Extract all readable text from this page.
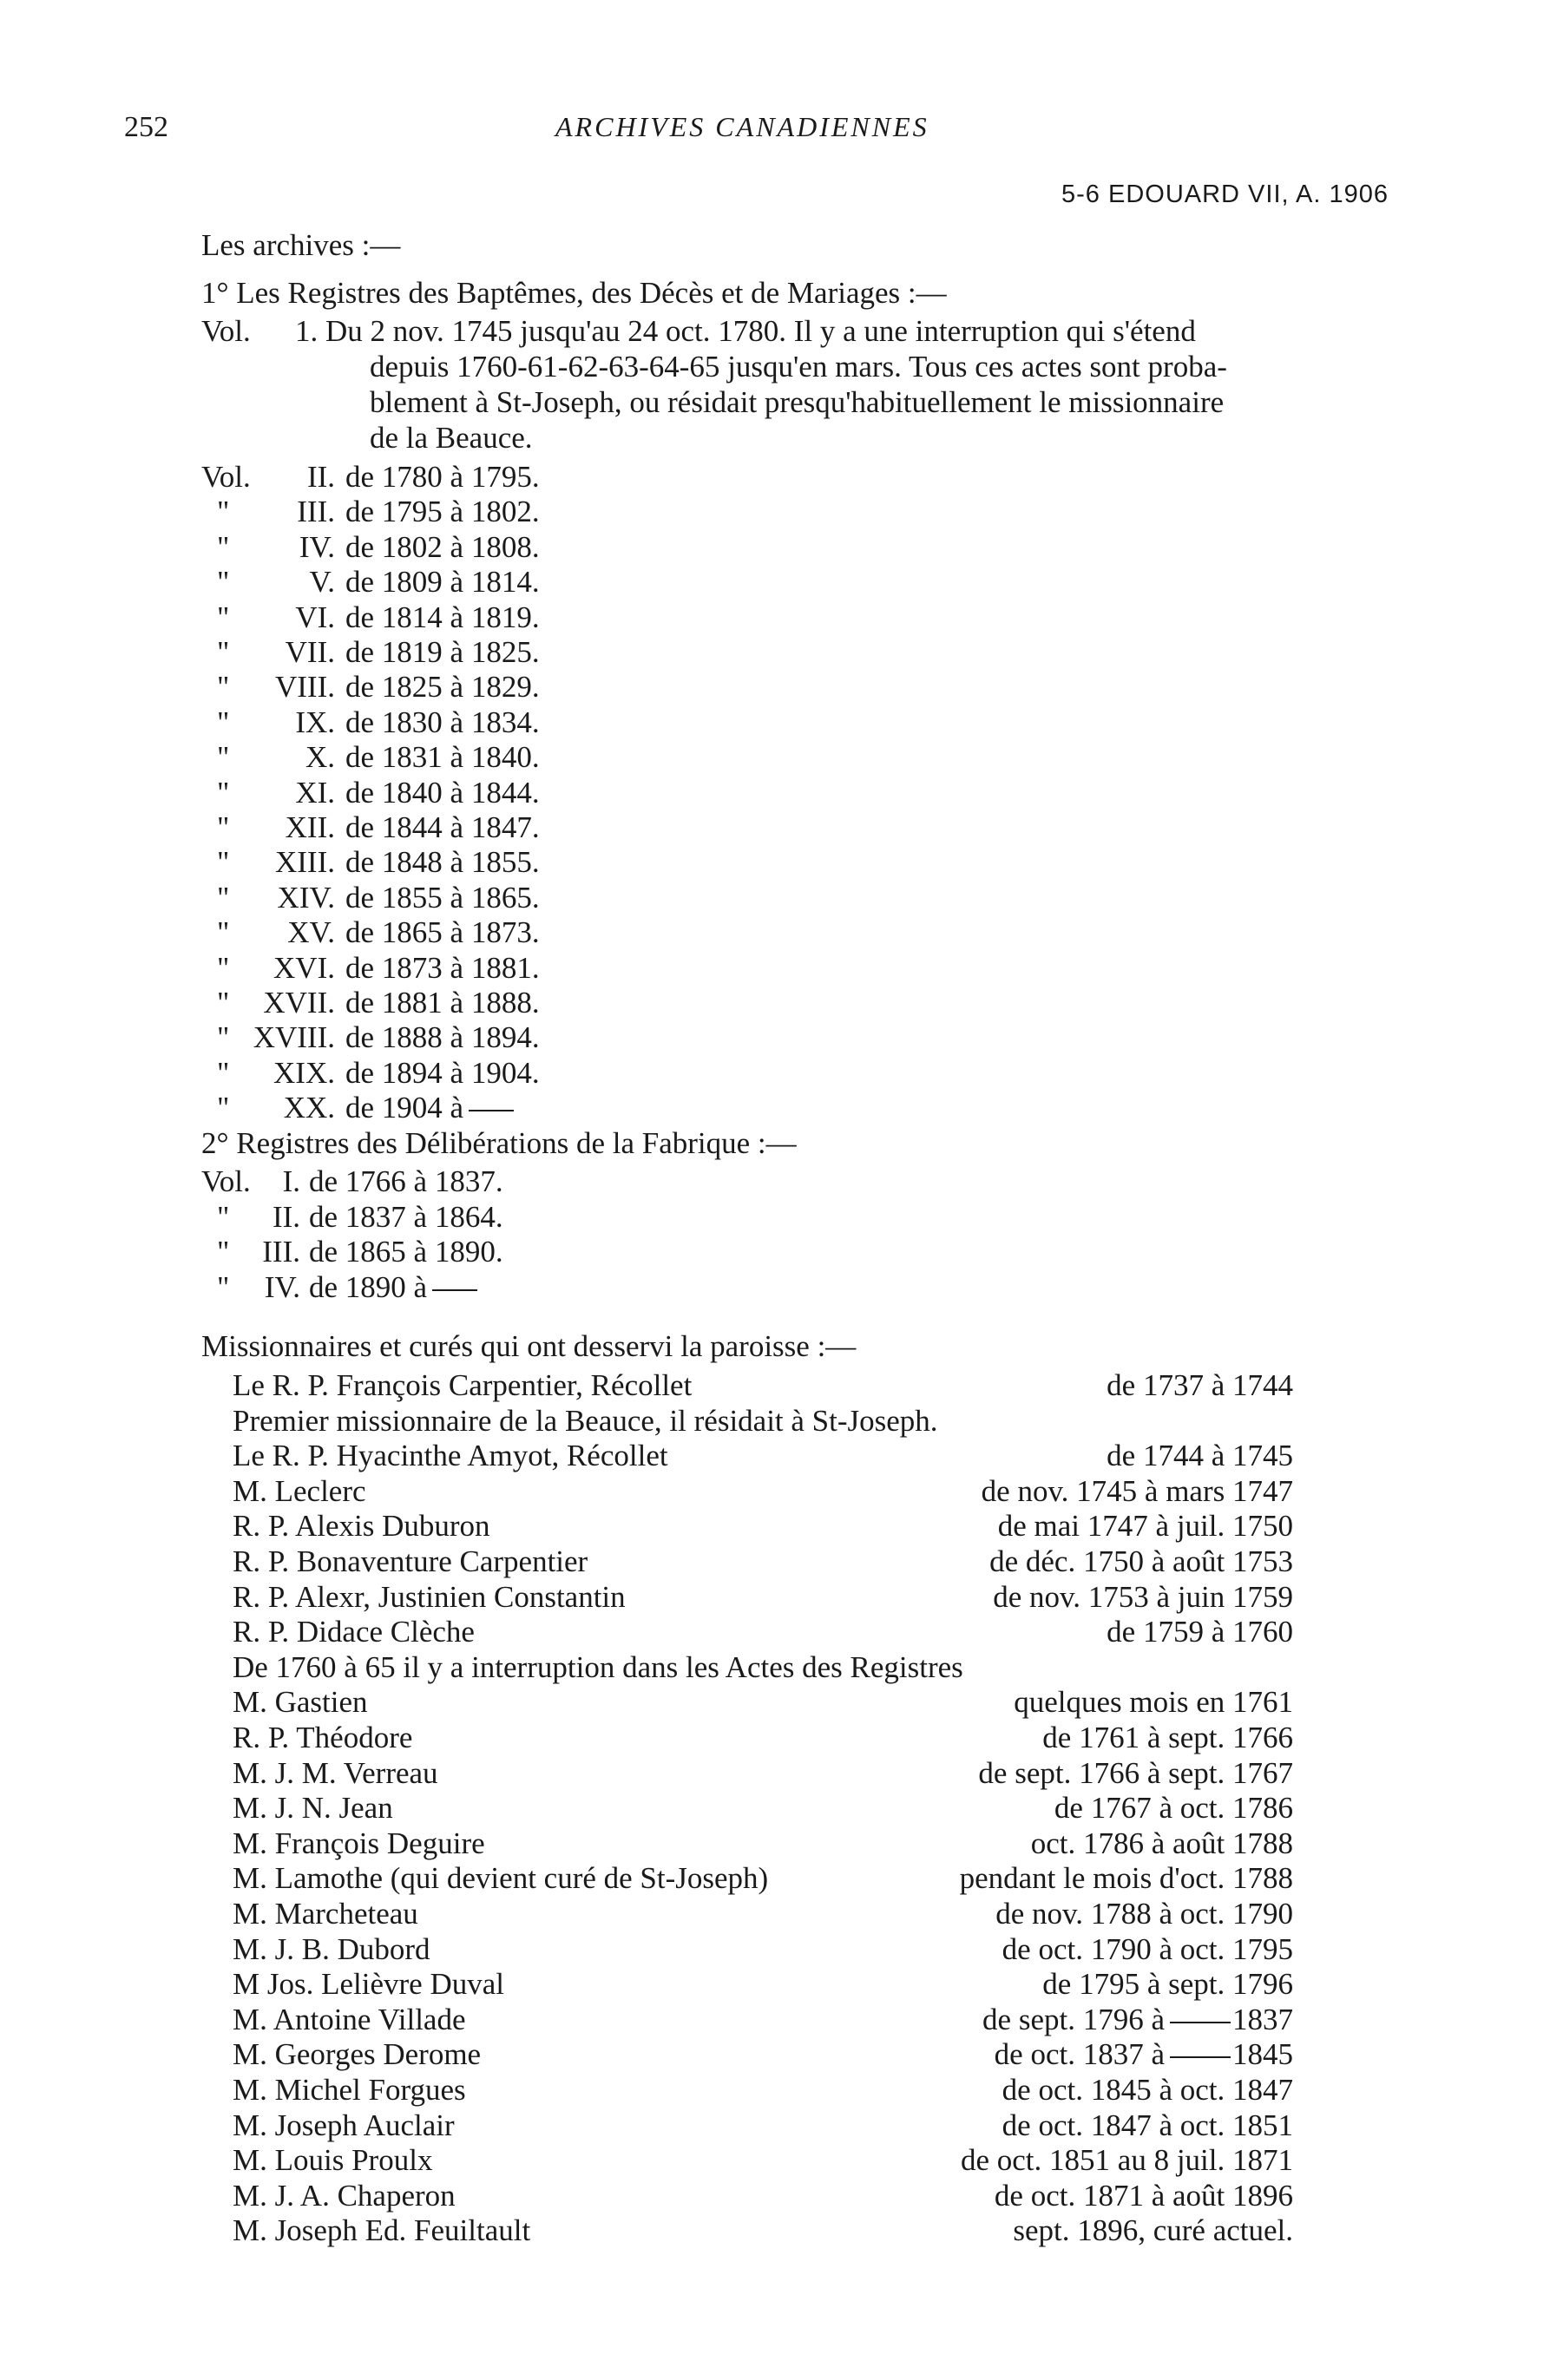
252	ARCHIVES CANADIENNES
5-6 EDOUARD VII, A. 1906
Les archives :—
1° Les Registres des Baptêmes, des Décès et de Mariages :—
Vol. 1. Du 2 nov. 1745 jusqu'au 24 oct. 1780. Il y a une interruption qui s'étend
depuis 1760-61-62-63-64-65 jusqu'en mars. Tous ces actes sont proba-
blement à St-Joseph, ou résidait presqu'habituellement le missionnaire
de la Beauce.
Vol.	II. de 1780 à 1795.
"	III. de 1795 à 1802.
"	IV. de 1802 à 1808.
"	V. de 1809 à 1814.
"	VI. de 1814 à 1819.
"	VII. de 1819 à 1825.
"	VIII. de 1825 à 1829.
"	IX. de 1830 à 1834.
"	X. de 1831 à 1840.
"	XI. de 1840 à 1844.
"	XII. de 1844 à 1847.
"	XIII. de 1848 à 1855.
"	XIV. de 1855 à 1865.
"	XV. de 1865 à 1873.
"	XVI. de 1873 à 1881.
"	XVII. de 1881 à 1888.
" XVIII. de 1888 à 1894.
"	XIX. de 1894 à 1904.
"	XX. de 1904 à
2° Registres des Délibérations de la Fabrique :—
Vol.	I. de 1766 à 1837.
"	II. de 1837 à 1864.
"	III. de 1865 à 1890.
"	IV. de 1890 à
Missionnaires et curés qui ont desservi la paroisse :—
Le R. P. François Carpentier, Récollet	de 1737 à 1744
Premier missionnaire de la Beauce, il résidait à St-Joseph.
Le R. P. Hyacinthe Amyot, Récollet	de 1744 à 1745
M. Leclerc	de nov. 1745 à mars 1747
R. P. Alexis Duburon	de mai 1747 à juil. 1750
R. P. Bonaventure Carpentier	de déc. 1750 à août 1753
R. P. Alexr, Justinien Constantin	de nov. 1753 à juin 1759
R. P. Didace Clèche	de 1759 à 1760
De 1760 à 65 il y a interruption dans les Actes des Registres
M. Gastien	quelques mois en 1761
R. P. Théodore	de 1761 à sept. 1766
M. J. M. Verreau	de sept. 1766 à sept. 1767
M. J. N. Jean	de 1767 à oct. 1786
M. François Deguire	oct. 1786 à août 1788
M. Lamothe (qui devient curé de St-Joseph)	pendant le mois d'oct. 1788
M. Marcheteau	de nov. 1788 à oct. 1790
M. J. B. Dubord	de oct. 1790 à oct. 1795
M Jos. Lelièvre Duval	de 1795 à sept. 1796
M. Antoine Villade	de sept. 1796 à 1837
M. Georges Derome	de oct. 1837 à 1845
M. Michel Forgues	de oct. 1845 à oct. 1847
M. Joseph Auclair	de oct. 1847 à oct. 1851
M. Louis Proulx	de oct. 1851 au 8 juil. 1871
M. J. A. Chaperon	de oct. 1871 à août 1896
M. Joseph Ed. Feuiltault	sept. 1896, curé actuel.
